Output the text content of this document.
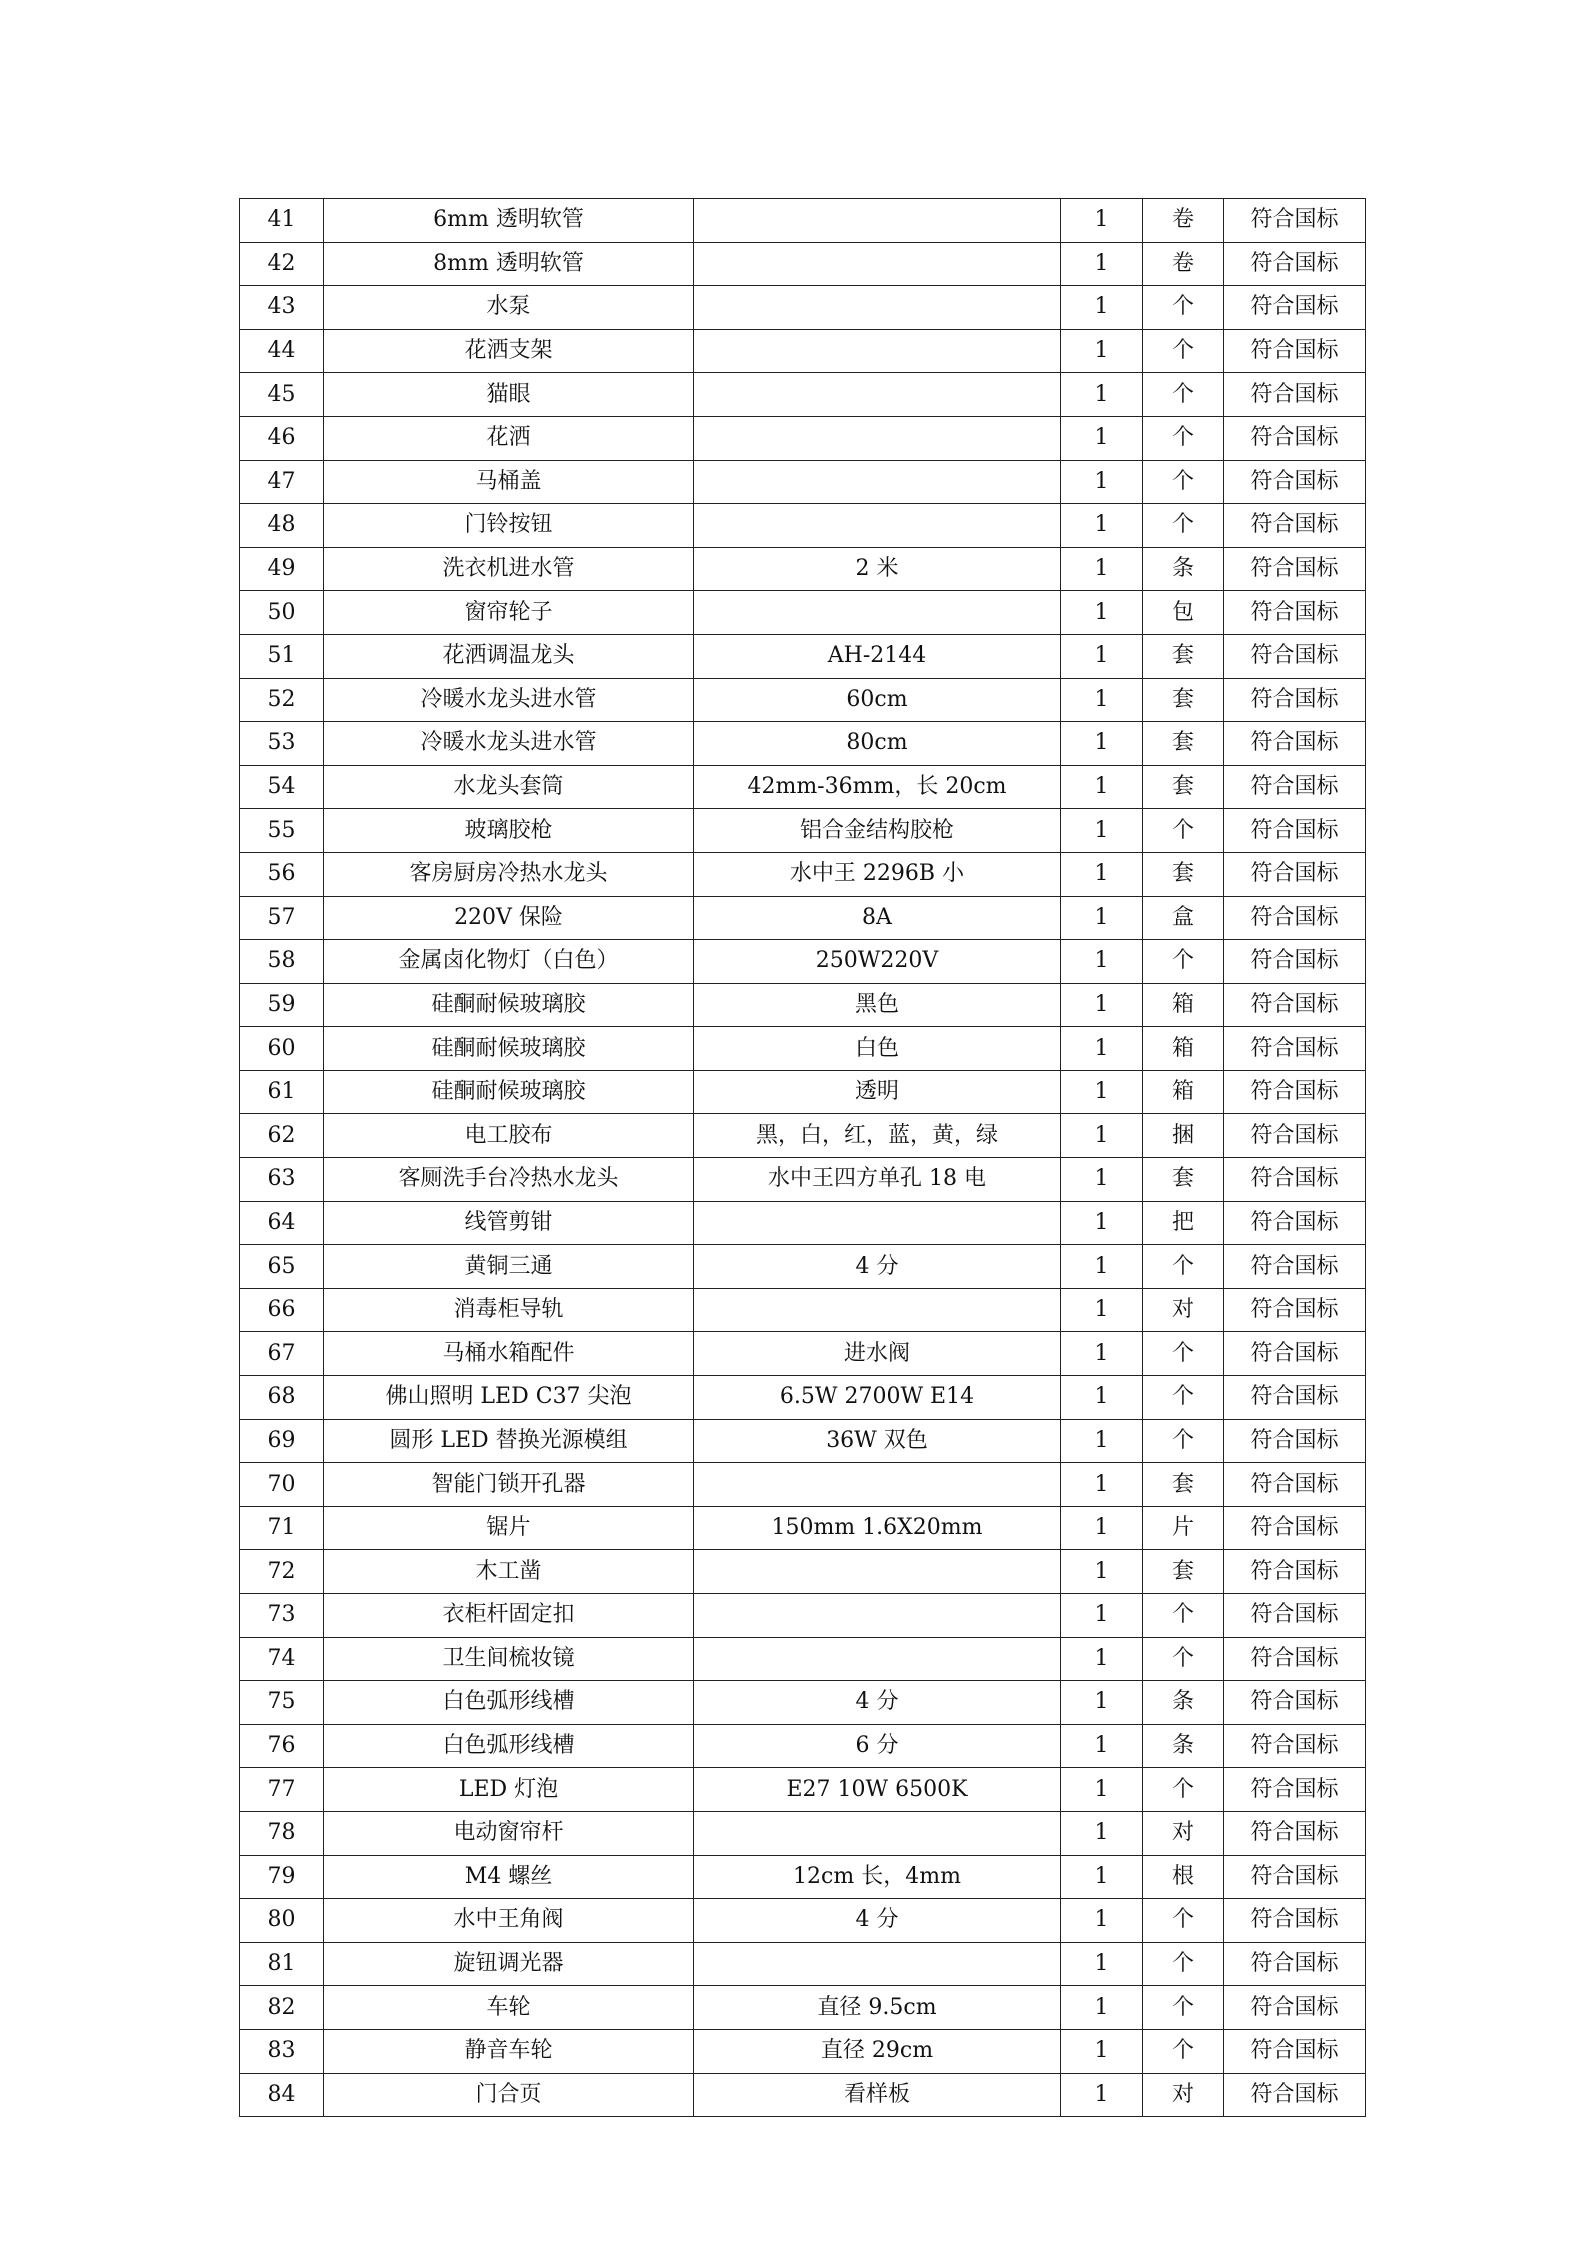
41	6mm 透明软管		1	卷	符合国标
42	8mm 透明软管		1	卷	符合国标
43	水泵		1	个	符合国标
44	花洒支架		1	个	符合国标
45	猫眼		1	个	符合国标
46	花洒		1	个	符合国标
47	马桶盖		1	个	符合国标
48	门铃按钮		1	个	符合国标
49	洗衣机进水管	2 米	1	条	符合国标
50	窗帘轮子		1	包	符合国标
51	花洒调温龙头	AH-2144	1	套	符合国标
52	冷暖水龙头进水管	60cm	1	套	符合国标
53	冷暖水龙头进水管	80cm	1	套	符合国标
54	水龙头套筒	42mm-36mm，长 20cm	1	套	符合国标
55	玻璃胶枪	铝合金结构胶枪	1	个	符合国标
56	客房厨房冷热水龙头	水中王 2296B 小	1	套	符合国标
57	220V 保险	8A	1	盒	符合国标
58	金属卤化物灯（白色）	250W220V	1	个	符合国标
59	硅酮耐候玻璃胶	黑色	1	箱	符合国标
60	硅酮耐候玻璃胶	白色	1	箱	符合国标
61	硅酮耐候玻璃胶	透明	1	箱	符合国标
62	电工胶布	黑，白，红，蓝，黄，绿	1	捆	符合国标
63	客厕洗手台冷热水龙头	水中王四方单孔 18 电	1	套	符合国标
64	线管剪钳		1	把	符合国标
65	黄铜三通	4 分	1	个	符合国标
66	消毒柜导轨		1	对	符合国标
67	马桶水箱配件	进水阀	1	个	符合国标
68	佛山照明 LED C37 尖泡	6.5W 2700W E14	1	个	符合国标
69	圆形 LED 替换光源模组	36W 双色	1	个	符合国标
70	智能门锁开孔器		1	套	符合国标
71	锯片	150mm 1.6X20mm	1	片	符合国标
72	木工凿		1	套	符合国标
73	衣柜杆固定扣		1	个	符合国标
74	卫生间梳妆镜		1	个	符合国标
75	白色弧形线槽	4 分	1	条	符合国标
76	白色弧形线槽	6 分	1	条	符合国标
77	LED 灯泡	E27 10W 6500K	1	个	符合国标
78	电动窗帘杆		1	对	符合国标
79	M4 螺丝	12cm 长，4mm	1	根	符合国标
80	水中王角阀	4 分	1	个	符合国标
81	旋钮调光器		1	个	符合国标
82	车轮	直径 9.5cm	1	个	符合国标
83	静音车轮	直径 29cm	1	个	符合国标
84	门合页	看样板	1	对	符合国标
